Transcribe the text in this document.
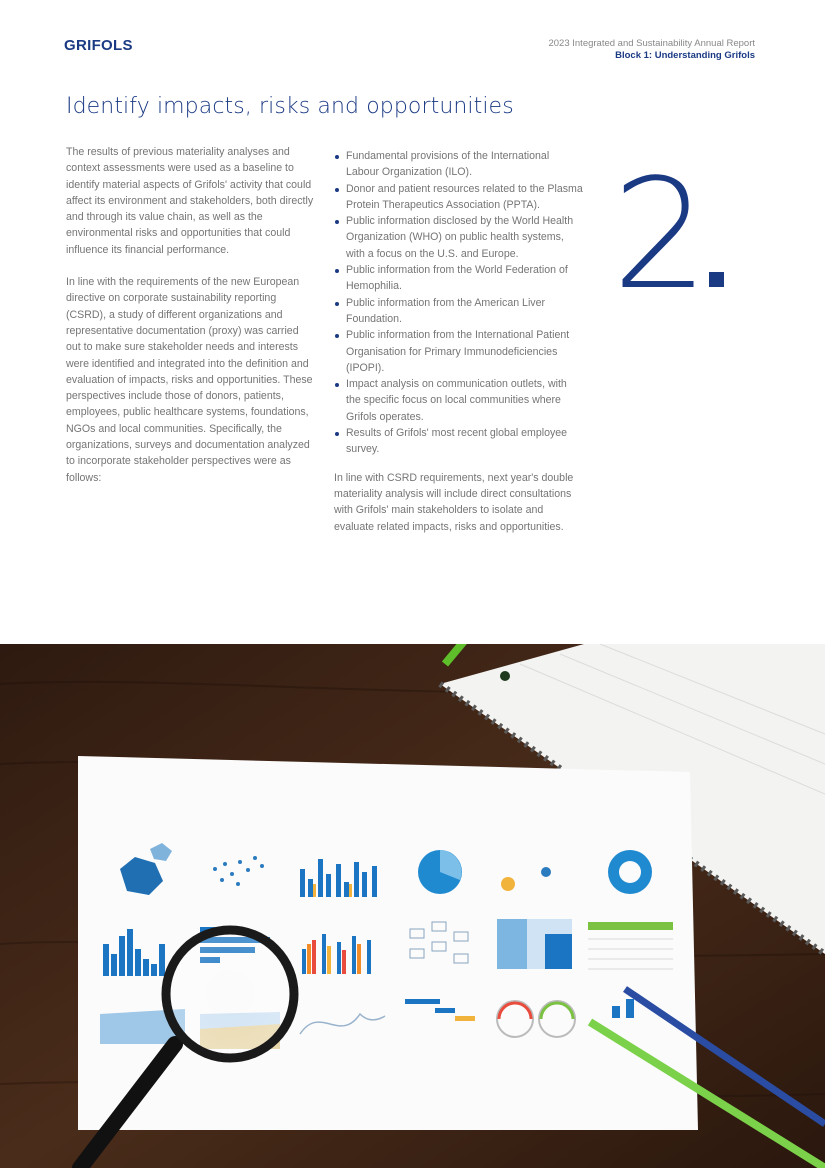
GRIFOLS	2023 Integrated and Sustainability Annual Report
Block 1: Understanding Grifols
Identify impacts, risks and opportunities

The results of previous materiality analyses and context assessments were used as a baseline to identify material aspects of Grifols' activity that could affect its environment and stakeholders, both directly and through its value chain, as well as the environmental risks and opportunities that could influence its financial performance.

In line with the requirements of the new European directive on corporate sustainability reporting (CSRD), a study of different organizations and representative documentation (proxy) was carried out to make sure stakeholder needs and interests were identified and integrated into the definition and evaluation of impacts, risks and opportunities. These perspectives include those of donors, patients, employees, public healthcare systems, foundations, NGOs and local communities. Specifically, the organizations, surveys and documentation analyzed to incorporate stakeholder perspectives were as follows:

Fundamental provisions of the International Labour Organization (ILO).
Donor and patient resources related to the Plasma Protein Therapeutics Association (PPTA).
Public information disclosed by the World Health Organization (WHO) on public health systems, with a focus on the U.S. and Europe.
Public information from the World Federation of Hemophilia.
Public information from the American Liver Foundation.
Public information from the International Patient Organisation for Primary Immunodeficiencies (IPOPI).
Impact analysis on communication outlets, with the specific focus on local communities where Grifols operates.
Results of Grifols' most recent global employee survey.

In line with CSRD requirements, next year's double materiality analysis will include direct consultations with Grifols' main stakeholders to isolate and evaluate related impacts, risks and opportunities.

2
